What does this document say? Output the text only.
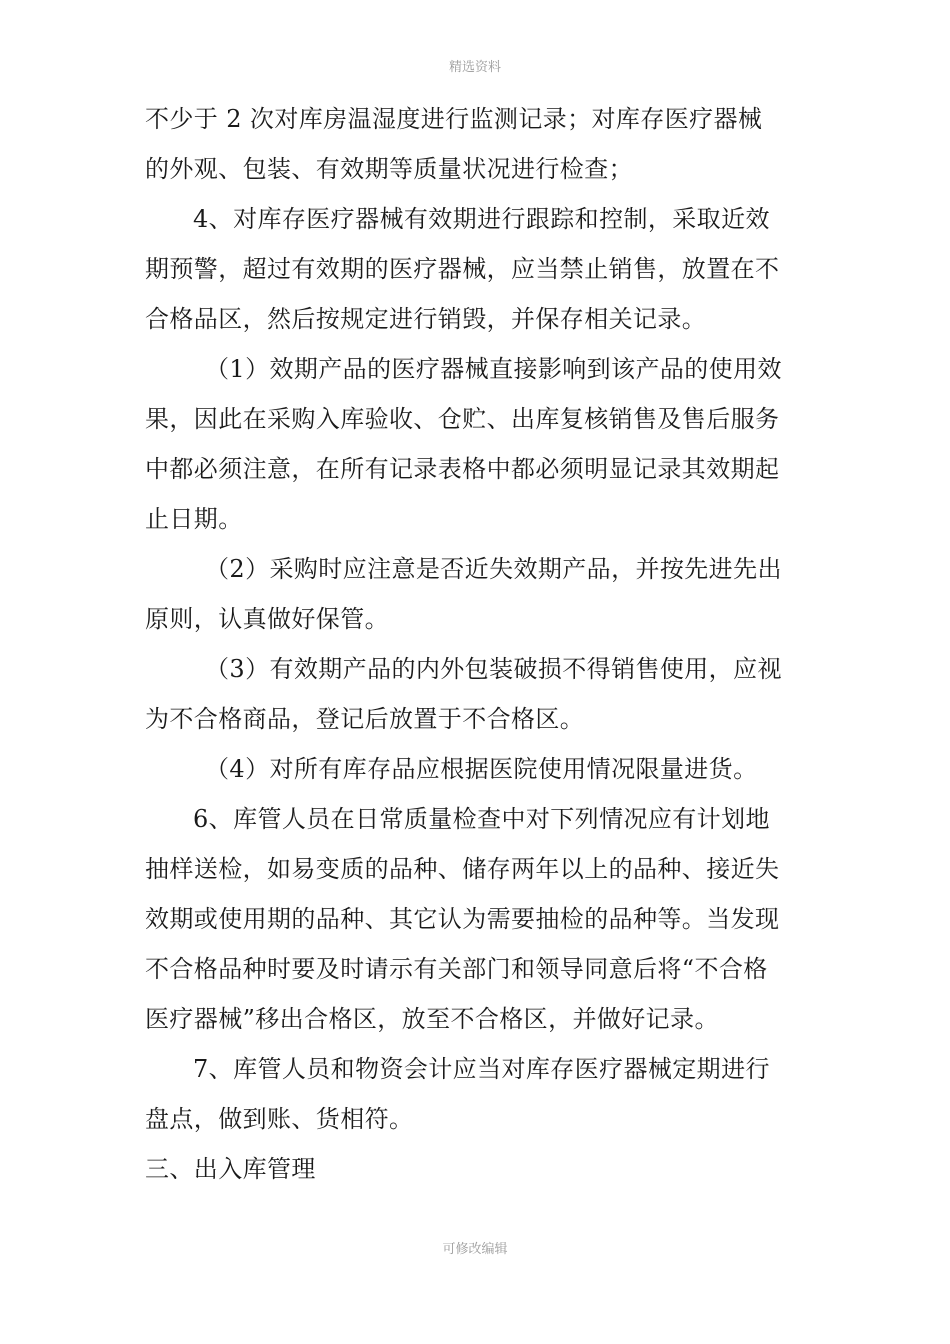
精选资料
不少于 2 次对库房温湿度进行监测记录；对库存医疗器械
的外观、包装、有效期等质量状况进行检查；
4、对库存医疗器械有效期进行跟踪和控制，采取近效
期预警，超过有效期的医疗器械，应当禁止销售，放置在不
合格品区，然后按规定进行销毁，并保存相关记录。
（1）效期产品的医疗器械直接影响到该产品的使用效
果，因此在采购入库验收、仓贮、出库复核销售及售后服务
中都必须注意，在所有记录表格中都必须明显记录其效期起
止日期。
（2）采购时应注意是否近失效期产品，并按先进先出
原则，认真做好保管。
（3）有效期产品的内外包装破损不得销售使用，应视
为不合格商品，登记后放置于不合格区。
（4）对所有库存品应根据医院使用情况限量进货。
6、库管人员在日常质量检查中对下列情况应有计划地
抽样送检，如易变质的品种、储存两年以上的品种、接近失
效期或使用期的品种、其它认为需要抽检的品种等。当发现
不合格品种时要及时请示有关部门和领导同意后将“不合格
医疗器械”移出合格区，放至不合格区，并做好记录。
7、库管人员和物资会计应当对库存医疗器械定期进行
盘点，做到账、货相符。
三、出入库管理
可修改编辑
